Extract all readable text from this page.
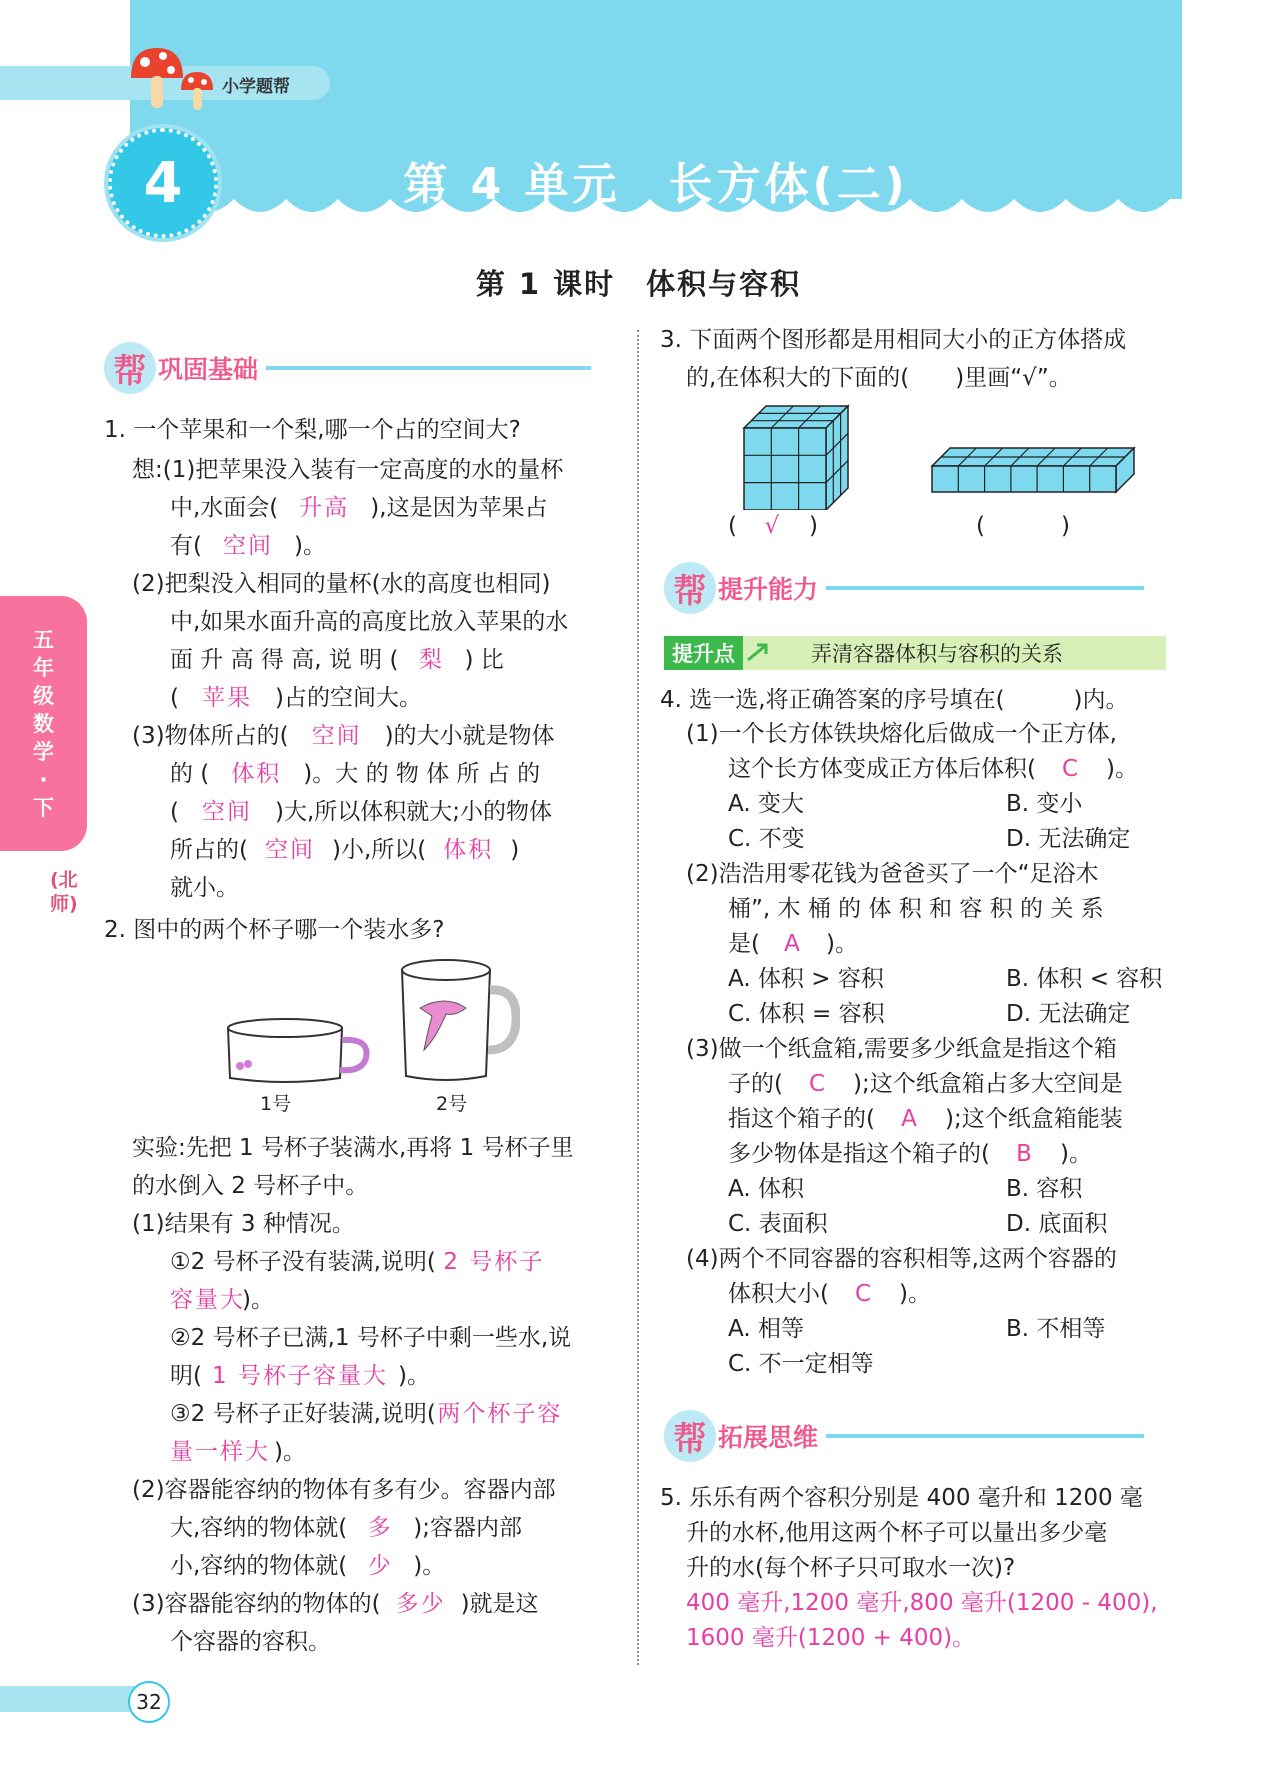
小学题帮
4	第 4 单元　长方体(二)
第 1 课时　体积与容积
五年级数学·下
(北师)
帮 巩固基础
1. 一个苹果和一个梨,哪一个占的空间大?
想:(1)把苹果没入装有一定高度的水的量杯
中,水面会( 升高 ),这是因为苹果占
有( 空间 )。
(2)把梨没入相同的量杯(水的高度也相同)
中,如果水面升高的高度比放入苹果的水
面 升 高 得 高, 说 明 ( 梨 ) 比
( 苹果 )占的空间大。
(3)物体所占的( 空间 )的大小就是物体
的 ( 体积 )。大 的 物 体 所 占 的
( 空间 )大,所以体积就大;小的物体
所占的( 空间 )小,所以( 体积 )
就小。
2. 图中的两个杯子哪一个装水多?
1号	2号
实验:先把 1 号杯子装满水,再将 1 号杯子里
的水倒入 2 号杯子中。
(1)结果有 3 种情况。
①2 号杯子没有装满,说明( 2 号杯子
容量大)。
②2 号杯子已满,1 号杯子中剩一些水,说
明( 1 号杯子容量大 )。
③2 号杯子正好装满,说明(两个杯子容
量一样大 )。
(2)容器能容纳的物体有多有少。容器内部
大,容纳的物体就( 多 );容器内部
小,容纳的物体就( 少 )。
(3)容器能容纳的物体的( 多少 )就是这
个容器的容积。
3. 下面两个图形都是用相同大小的正方体搭成
的,在体积大的下面的(　　)里画“√”。
( √ )	(	)
帮 提升能力
提升点	弄清容器体积与容积的关系
4. 选一选,将正确答案的序号填在(　　　)内。
(1)一个长方体铁块熔化后做成一个正方体,
这个长方体变成正方体后体积( C )。
A. 变大	B. 变小
C. 不变	D. 无法确定
(2)浩浩用零花钱为爸爸买了一个“足浴木
桶”, 木 桶 的 体 积 和 容 积 的 关 系
是( A )。
A. 体积 > 容积	B. 体积 < 容积
C. 体积 = 容积	D. 无法确定
(3)做一个纸盒箱,需要多少纸盒是指这个箱
子的( C );这个纸盒箱占多大空间是
指这个箱子的( A );这个纸盒箱能装
多少物体是指这个箱子的( B )。
A. 体积	B. 容积
C. 表面积	D. 底面积
(4)两个不同容器的容积相等,这两个容器的
体积大小( C )。
A. 相等	B. 不相等
C. 不一定相等
帮 拓展思维
5. 乐乐有两个容积分别是 400 毫升和 1200 毫
升的水杯,他用这两个杯子可以量出多少毫
升的水(每个杯子只可取水一次)?
400 毫升,1200 毫升,800 毫升(1200 - 400),
1600 毫升(1200 + 400)。
32
